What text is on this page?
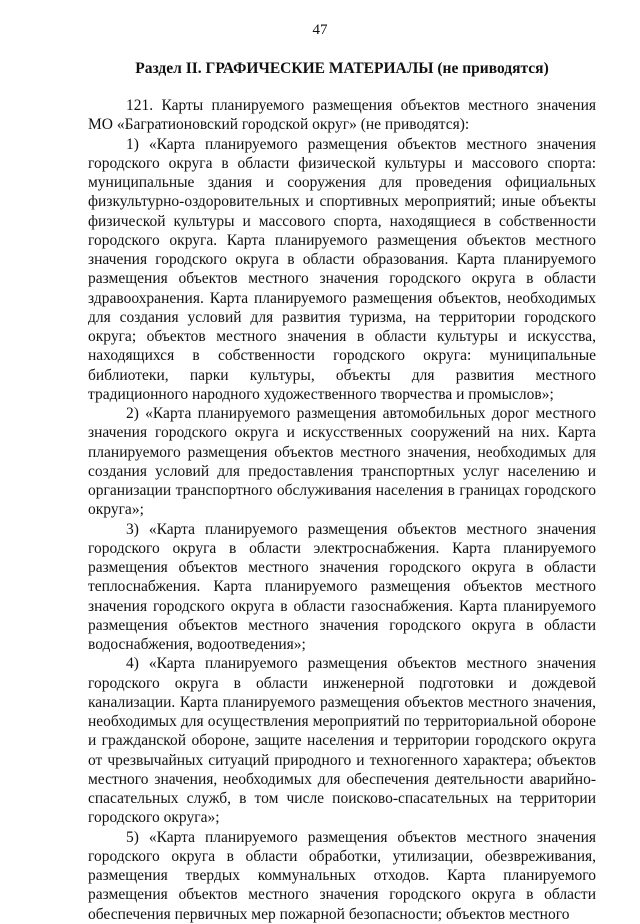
47
Раздел II. ГРАФИЧЕСКИЕ МАТЕРИАЛЫ (не приводятся)

121. Карты планируемого размещения объектов местного значения МО «Багратионовский городской округ» (не приводятся):

1) «Карта планируемого размещения объектов местного значения городского округа в области физической культуры и массового спорта: муниципальные здания и сооружения для проведения официальных физкультурно-оздоровительных и спортивных мероприятий; иные объекты физической культуры и массового спорта, находящиеся в собственности городского округа. Карта планируемого размещения объектов местного значения городского округа в области образования. Карта планируемого размещения объектов местного значения городского округа в области здравоохранения. Карта планируемого размещения объектов, необходимых для создания условий для развития туризма, на территории городского округа; объектов местного значения в области культуры и искусства, находящихся в собственности городского округа: муниципальные библиотеки, парки культуры, объекты для развития местного традиционного народного художественного творчества и промыслов»;

2) «Карта планируемого размещения автомобильных дорог местного значения городского округа и искусственных сооружений на них. Карта планируемого размещения объектов местного значения, необходимых для создания условий для предоставления транспортных услуг населению и организации транспортного обслуживания населения в границах городского округа»;

3) «Карта планируемого размещения объектов местного значения городского округа в области электроснабжения. Карта планируемого размещения объектов местного значения городского округа в области теплоснабжения. Карта планируемого размещения объектов местного значения городского округа в области газоснабжения. Карта планируемого размещения объектов местного значения городского округа в области водоснабжения, водоотведения»;

4) «Карта планируемого размещения объектов местного значения городского округа в области инженерной подготовки и дождевой канализации. Карта планируемого размещения объектов местного значения, необходимых для осуществления мероприятий по территориальной обороне и гражданской обороне, защите населения и территории городского округа от чрезвычайных ситуаций природного и техногенного характера; объектов местного значения, необходимых для обеспечения деятельности аварийно-спасательных служб, в том числе поисково-спасательных на территории городского округа»;

5) «Карта планируемого размещения объектов местного значения городского округа в области обработки, утилизации, обезвреживания, размещения твердых коммунальных отходов. Карта планируемого размещения объектов местного значения городского округа в области обеспечения первичных мер пожарной безопасности; объектов местного
